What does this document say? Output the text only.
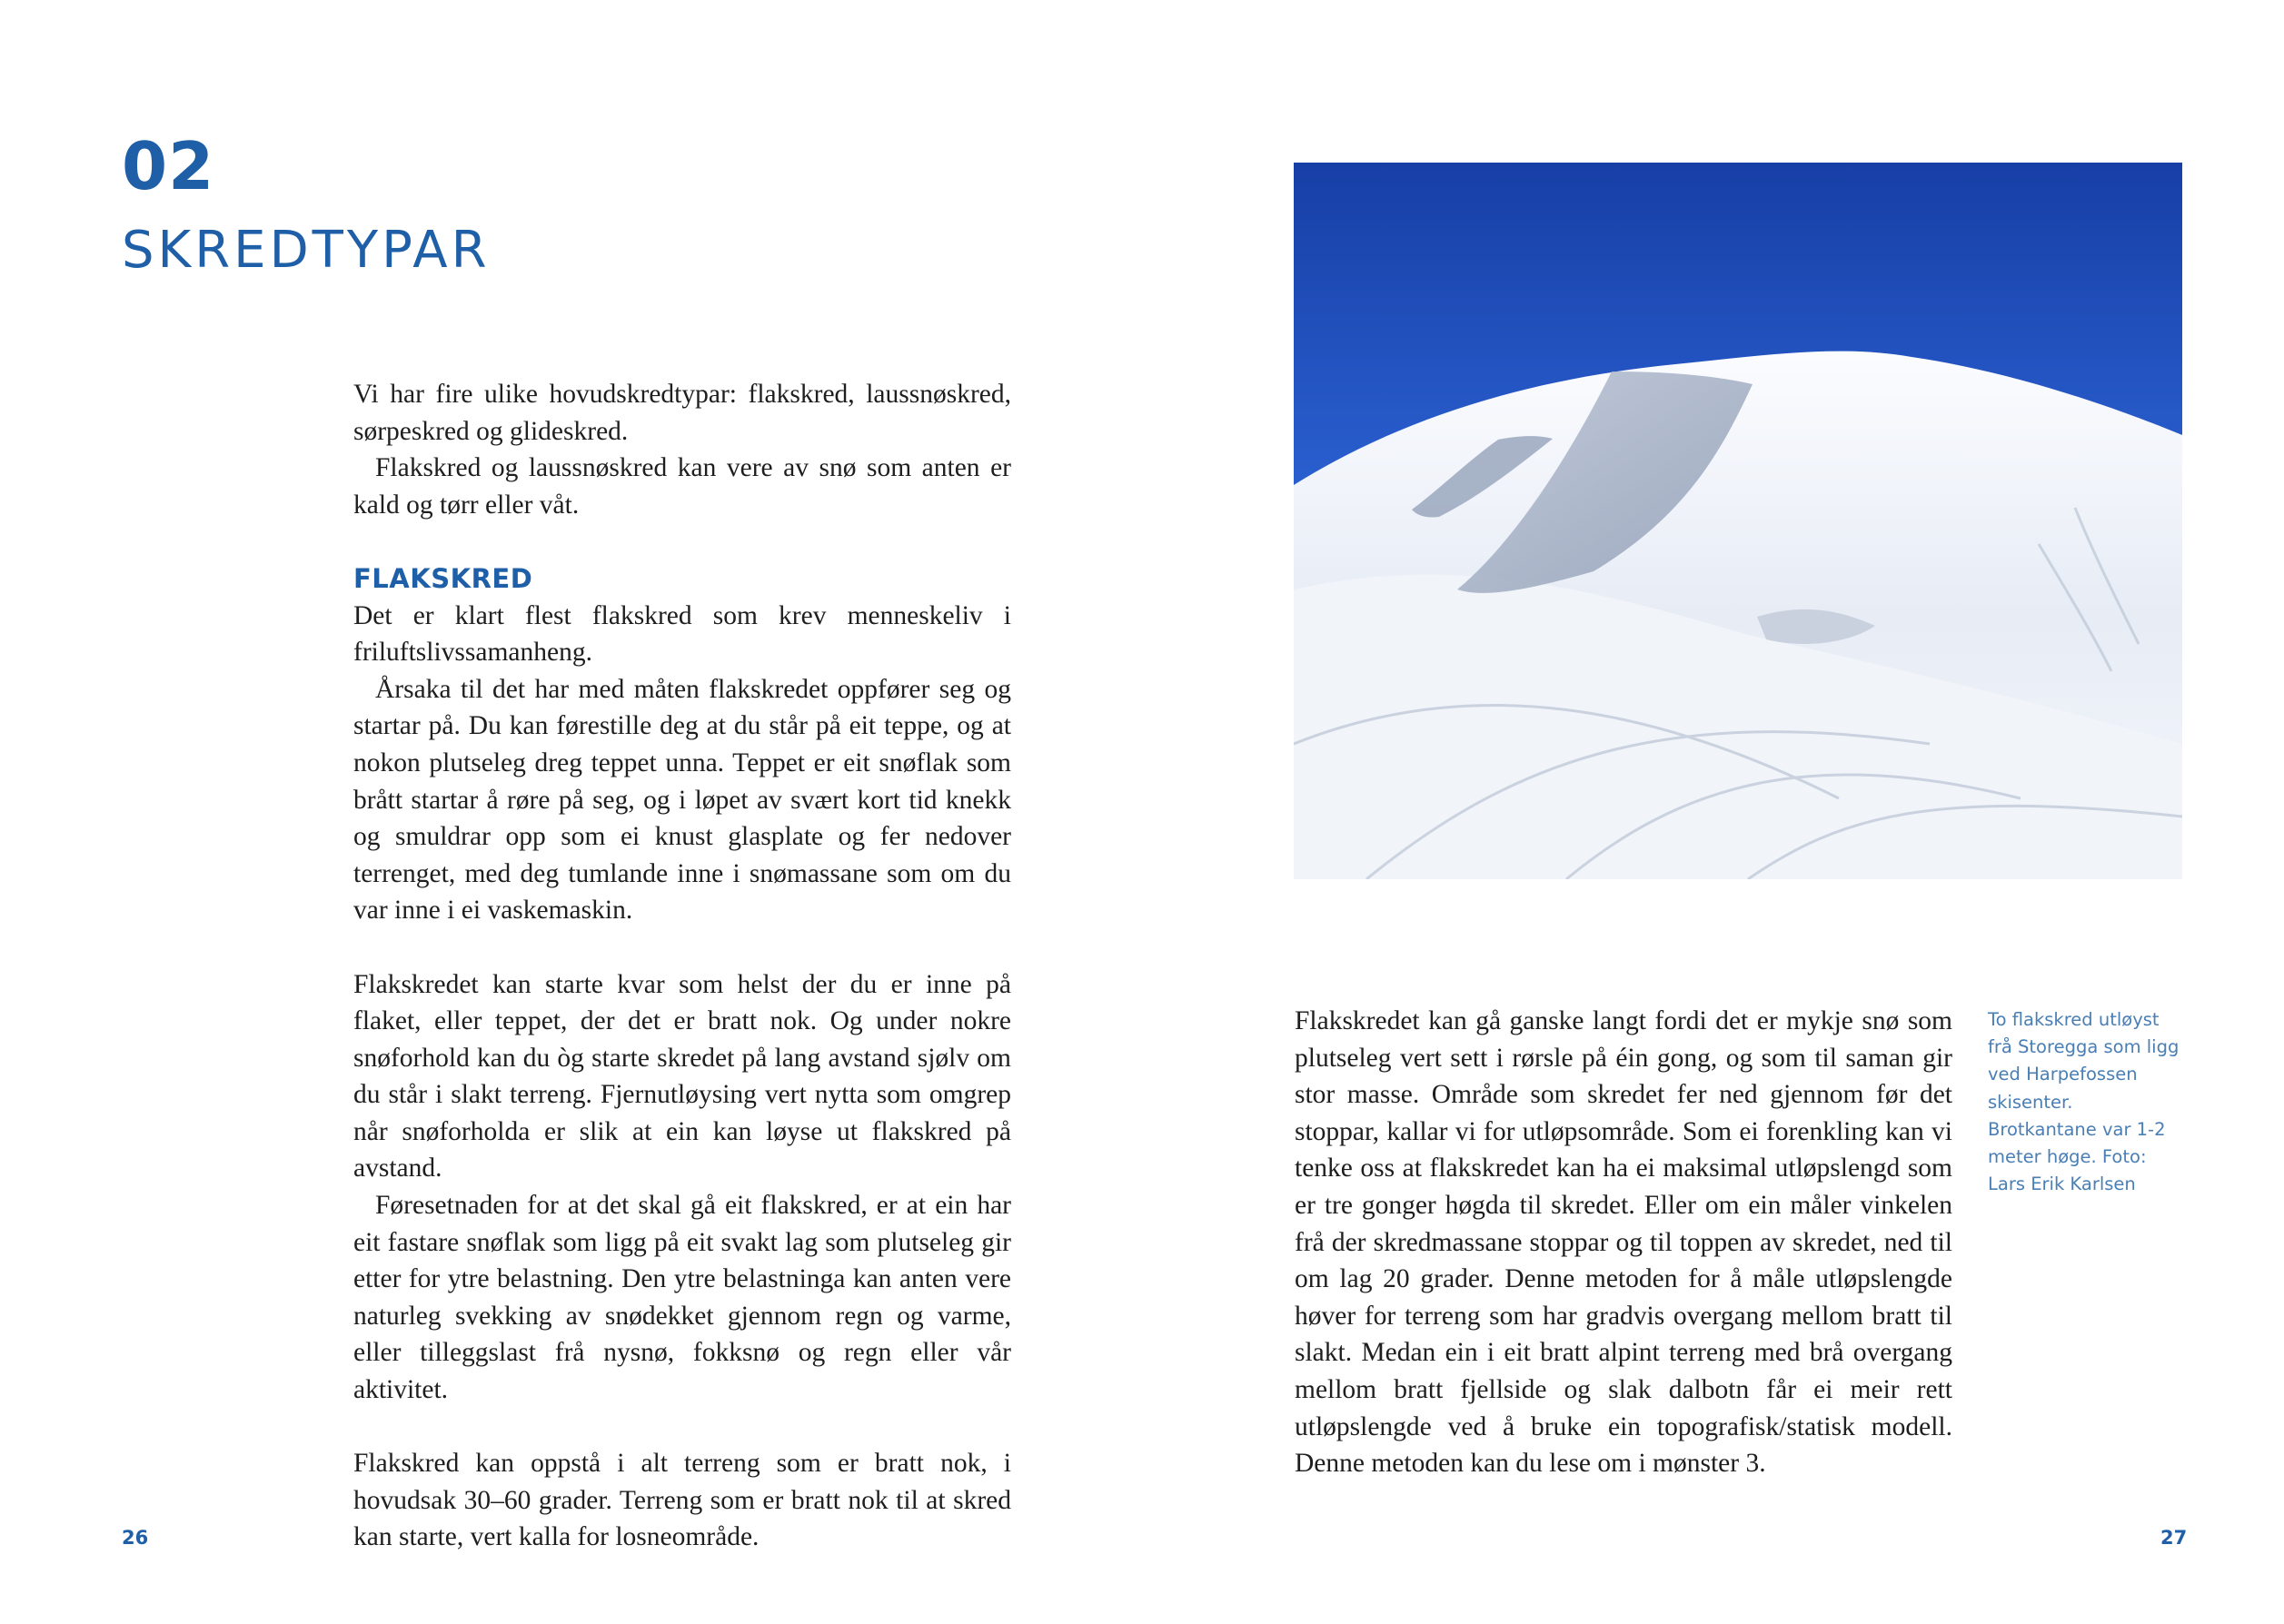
02
SKREDTYPAR

Vi har fire ulike hovudskredtypar: flakskred, laussnøskred, sørpeskred og glideskred.

Flakskred og laussnøskred kan vere av snø som anten er kald og tørr eller våt.

FLAKSKRED

Det er klart flest flakskred som krev menneskeliv i friluftslivssamanheng.

Årsaka til det har med måten flakskredet oppfører seg og startar på. Du kan førestille deg at du står på eit teppe, og at nokon plutseleg dreg teppet unna. Teppet er eit snøflak som brått startar å røre på seg, og i løpet av svært kort tid knekk og smuldrar opp som ei knust glasplate og fer nedover terrenget, med deg tumlande inne i snømassane som om du var inne i ei vaskemaskin.

Flakskredet kan starte kvar som helst der du er inne på flaket, eller teppet, der det er bratt nok. Og under nokre snøforhold kan du òg starte skredet på lang avstand sjølv om du står i slakt terreng. Fjernutløysing vert nytta som omgrep når snøforholda er slik at ein kan løyse ut flakskred på avstand.

Føresetnaden for at det skal gå eit flakskred, er at ein har eit fastare snøflak som ligg på eit svakt lag som plutseleg gir etter for ytre belastning. Den ytre belastninga kan anten vere naturleg svekking av snødekket gjennom regn og varme, eller tilleggslast frå nysnø, fokksnø og regn eller vår aktivitet.

Flakskred kan oppstå i alt terreng som er bratt nok, i hovudsak 30–60 grader. Terreng som er bratt nok til at skred kan starte, vert kalla for losneområde.

Flakskredet kan gå ganske langt fordi det er mykje snø som plutseleg vert sett i rørsle på éin gong, og som til saman gir stor masse. Område som skredet fer ned gjennom før det stoppar, kallar vi for utløpsområde. Som ei forenkling kan vi tenke oss at flakskredet kan ha ei maksimal utløpslengd som er tre gonger høgda til skredet. Eller om ein måler vinkelen frå der skredmassane stoppar og til toppen av skredet, ned til om lag 20 grader. Denne metoden for å måle utløpslengde høver for terreng som har gradvis overgang mellom bratt til slakt. Medan ein i eit bratt alpint terreng med brå overgang mellom bratt fjellside og slak dalbotn får ei meir rett utløpslengde ved å bruke ein topografisk/statisk modell. Denne metoden kan du lese om i mønster 3.

To flakskred utløyst frå Storegga som ligg ved Harpefossen skisenter. Brotkantane var 1-2 meter høge. Foto: Lars Erik Karlsen
26	27
